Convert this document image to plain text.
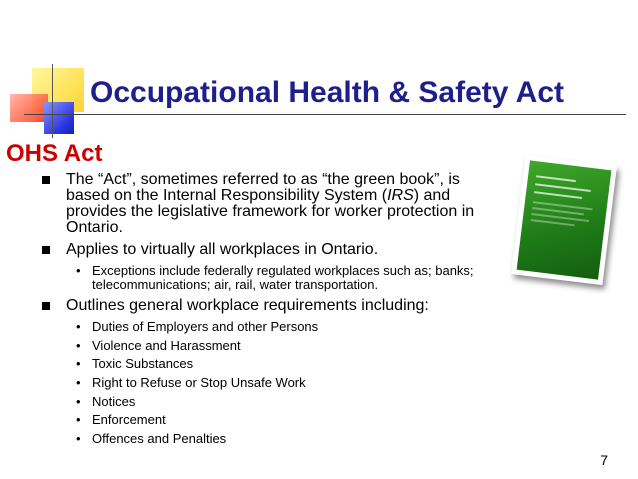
Occupational Health & Safety Act
OHS Act
The “Act”, sometimes referred to as “the green book”, is
based on the Internal Responsibility System (IRS) and
provides the legislative framework for worker protection in
Ontario.
Applies to virtually all workplaces in Ontario.
• Exceptions include federally regulated workplaces such as; banks;
telecommunications; air, rail, water transportation.
Outlines general workplace requirements including:
• Duties of Employers and other Persons
• Violence and Harassment
• Toxic Substances
• Right to Refuse or Stop Unsafe Work
• Notices
• Enforcement
• Offences and Penalties
7
